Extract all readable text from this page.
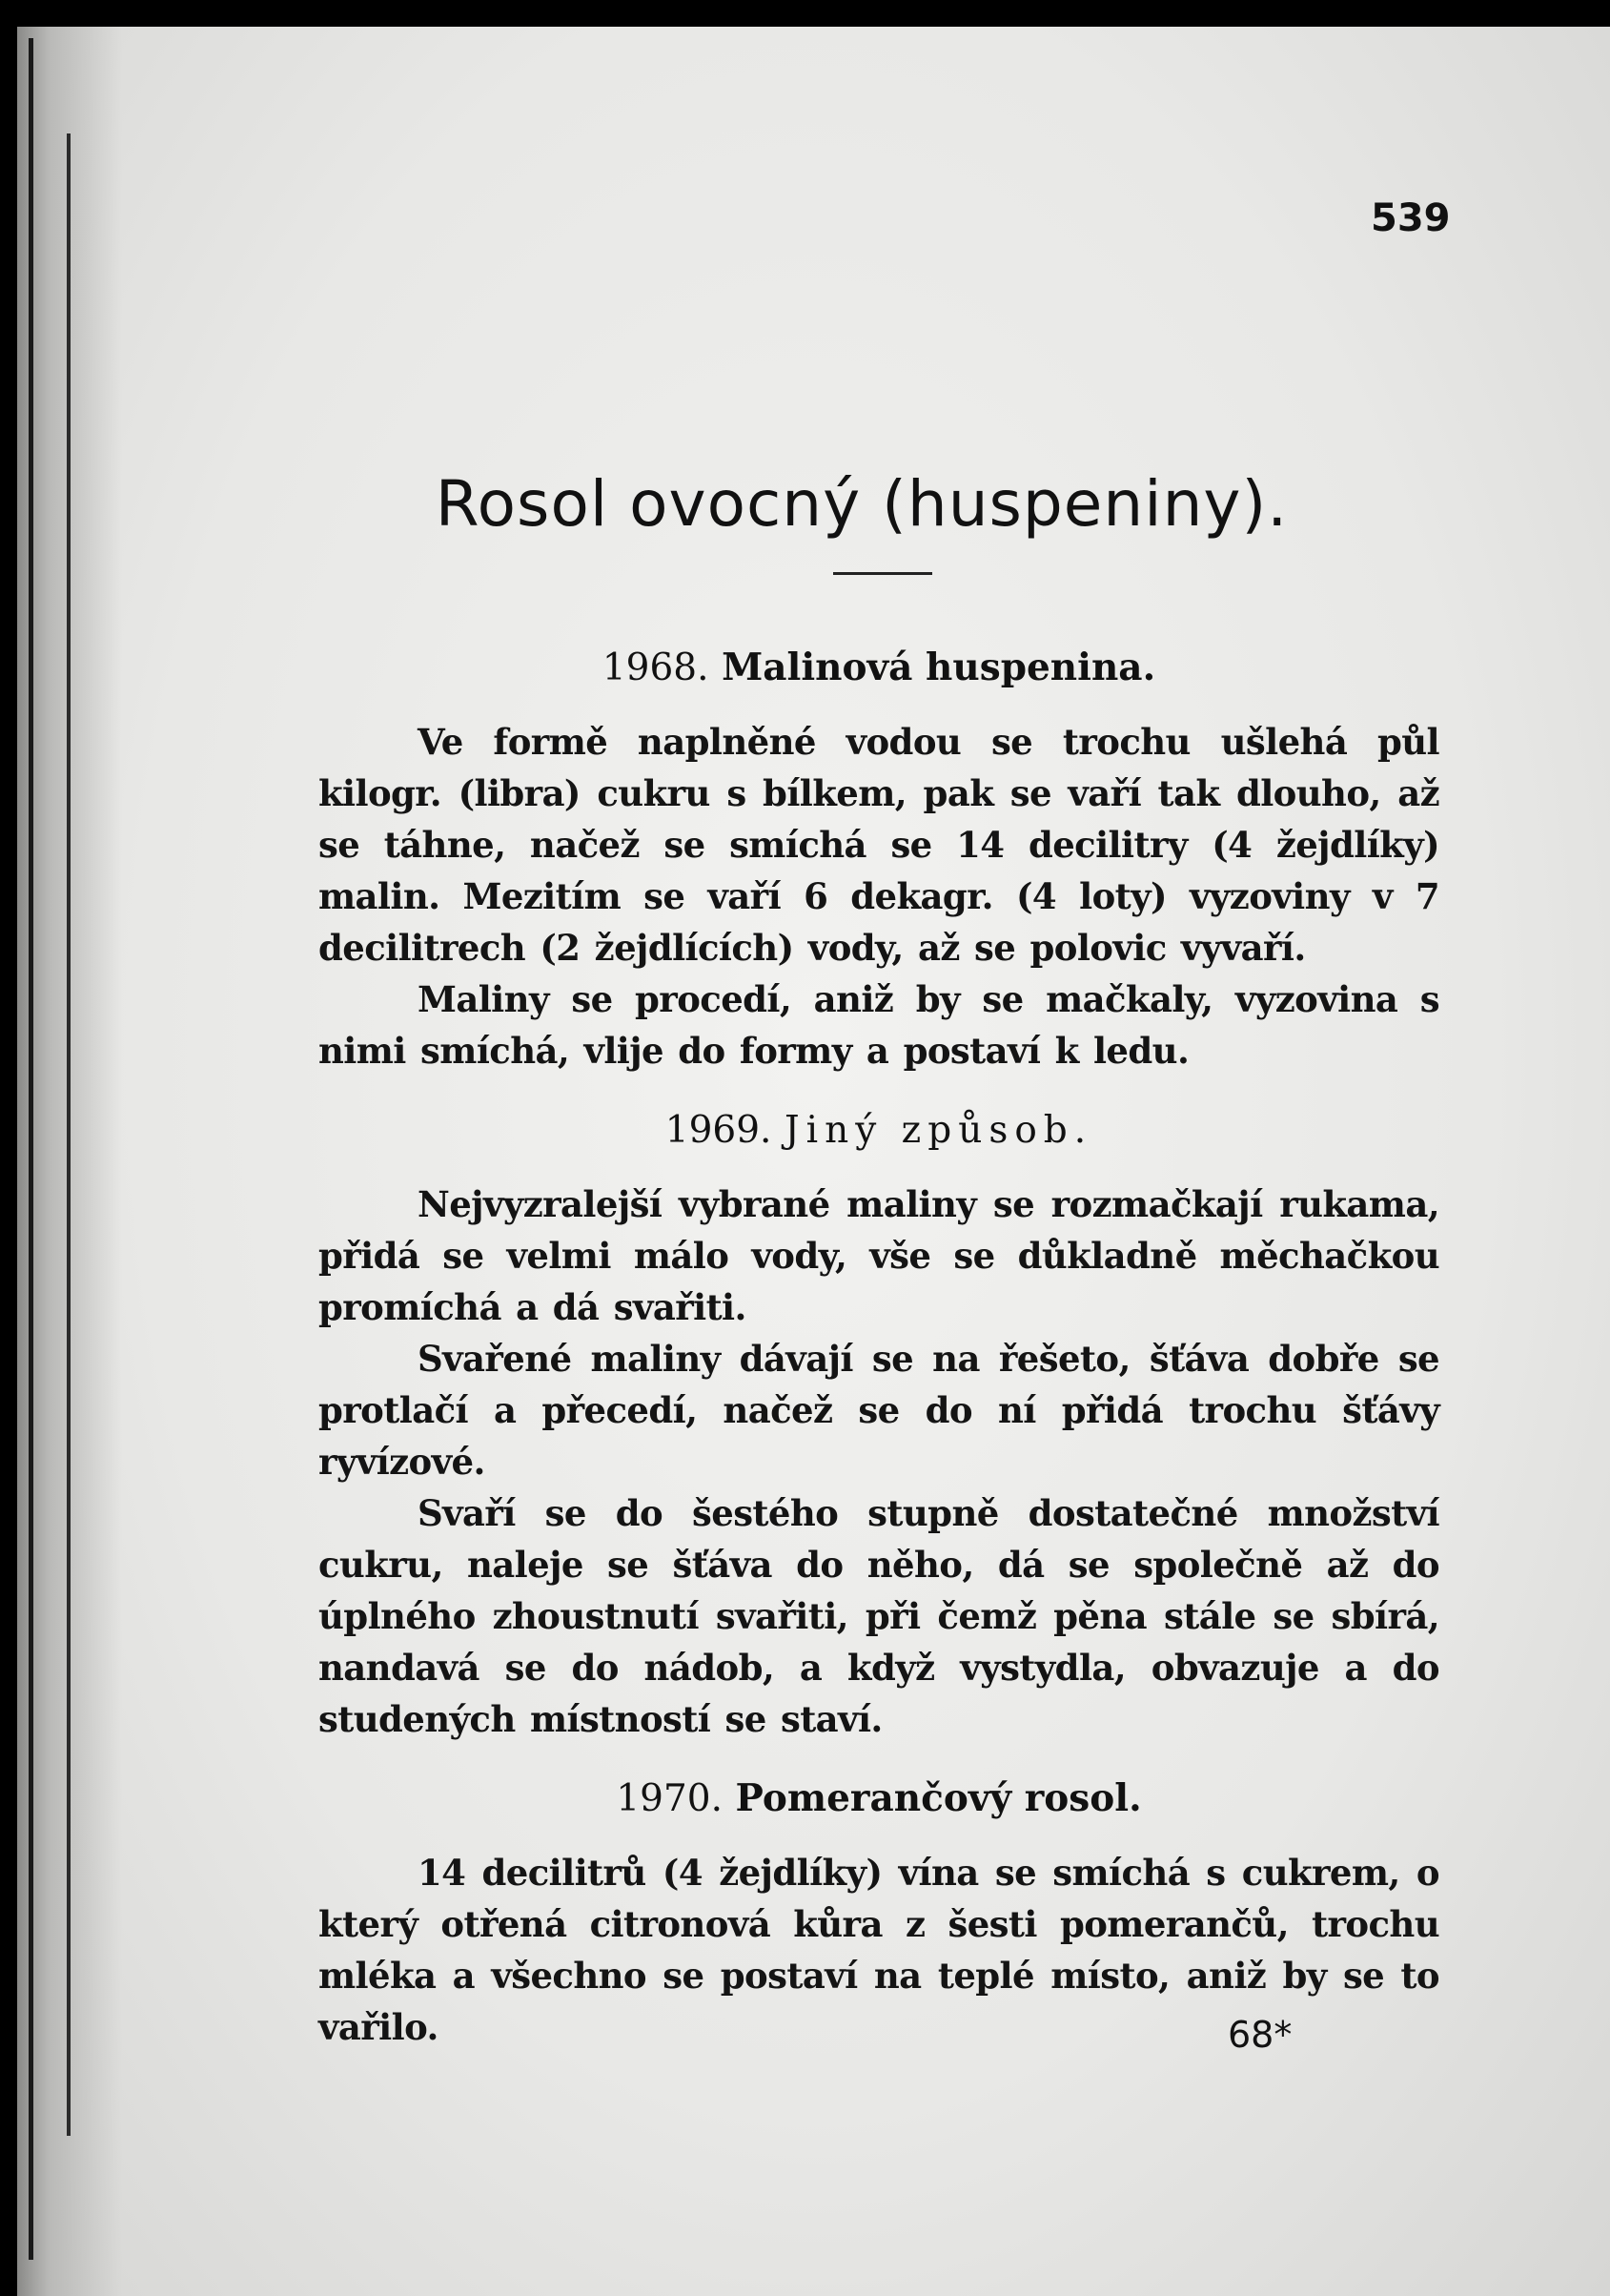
539
Rosol ovocný (huspeniny).
1968. Malinová huspenina.

Ve formě naplněné vodou se trochu ušlehá půl kilogr. (libra) cukru s bílkem, pak se vaří tak dlouho, až se táhne, načež se smíchá se 14 decilitry (4 žejdlíky) malin. Mezitím se vaří 6 dekagr. (4 loty) vyzoviny v 7 decilitrech (2 žejdlících) vody, až se polovic vyvaří.

Maliny se procedí, aniž by se mačkaly, vyzovina s nimi smíchá, vlije do formy a postaví k ledu.

1969. Jiný způsob.

Nejvyzralejší vybrané maliny se rozmačkají rukama, přidá se velmi málo vody, vše se důkladně měchačkou promíchá a dá svařiti.

Svařené maliny dávají se na řešeto, šťáva dobře se protlačí a přecedí, načež se do ní přidá trochu šťávy ryvízové.

Svaří se do šestého stupně dostatečné množství cukru, naleje se šťáva do něho, dá se společně až do úplného zhoustnutí svařiti, při čemž pěna stále se sbírá, nandavá se do nádob, a když vystydla, obvazuje a do studených místností se staví.

1970. Pomerančový rosol.

14 decilitrů (4 žejdlíky) vína se smíchá s cukrem, o který otřená citronová kůra z šesti pomerančů, trochu mléka a všechno se postaví na teplé místo, aniž by se to vařilo.	68*
